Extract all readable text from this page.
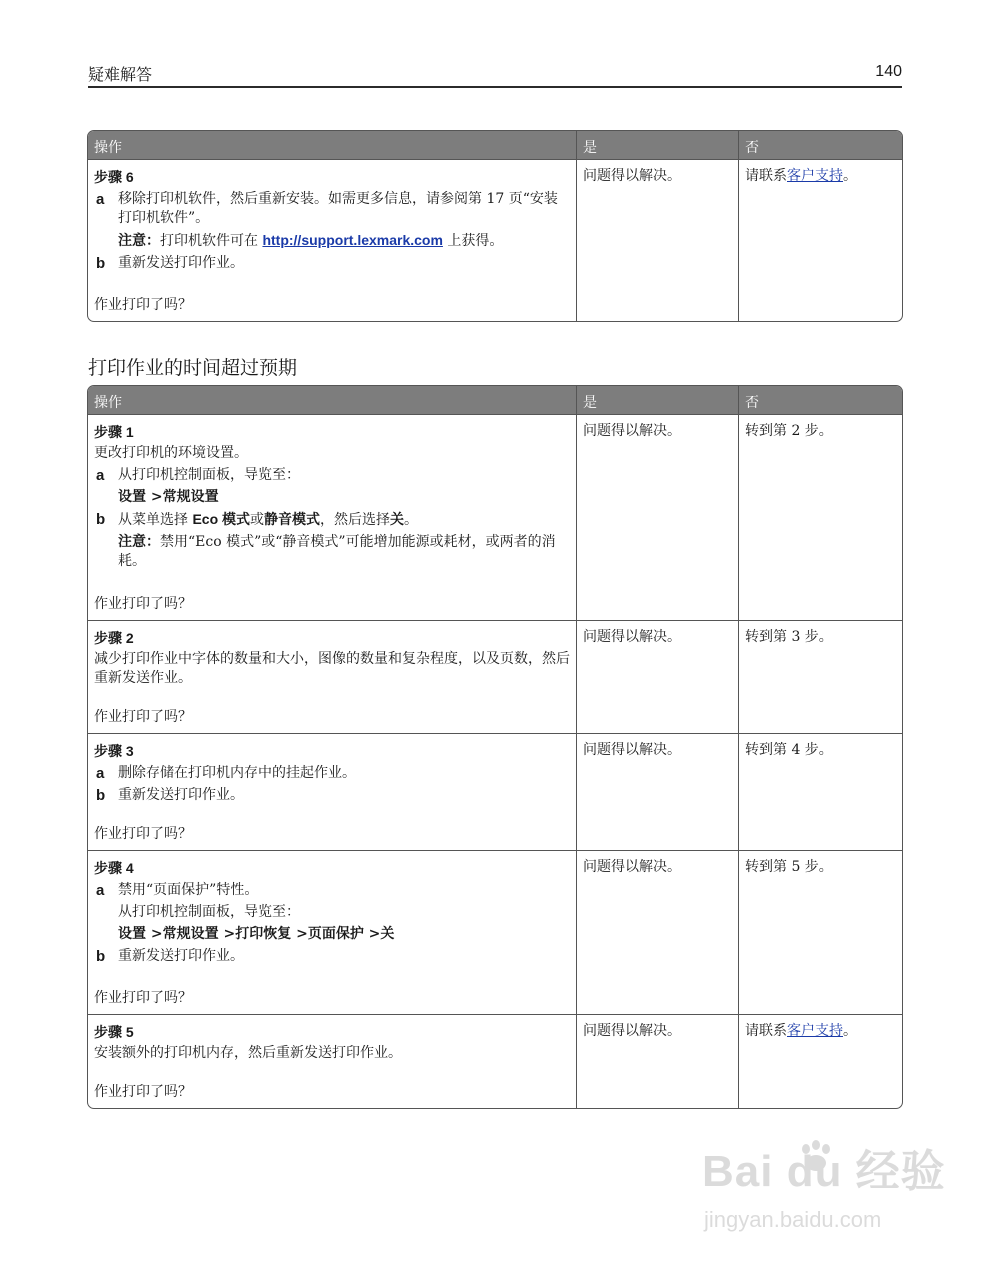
疑难解答	140
操作	是	否
步骤 6
a 移除打印机软件，然后重新安装。如需更多信息，请参阅第 17 页“安装打印机软件”。
注意：打印机软件可在 http://support.lexmark.com 上获得。
b 重新发送打印作业。
作业打印了吗？
问题得以解决。	请联系客户支持。
打印作业的时间超过预期
操作	是	否
步骤 1
更改打印机的环境设置。
a 从打印机控制面板，导览至：
设置 >常规设置
b 从菜单选择 Eco 模式或静音模式，然后选择关。
注意：禁用“Eco 模式”或“静音模式”可能增加能源或耗材，或两者的消耗。
作业打印了吗？
问题得以解决。	转到第 2 步。
步骤 2
减少打印作业中字体的数量和大小，图像的数量和复杂程度，以及页数，然后重新发送作业。
作业打印了吗？
问题得以解决。	转到第 3 步。
步骤 3
a 删除存储在打印机内存中的挂起作业。
b 重新发送打印作业。
作业打印了吗？
问题得以解决。	转到第 4 步。
步骤 4
a 禁用“页面保护”特性。
从打印机控制面板，导览至：
设置 >常规设置 >打印恢复 >页面保护 >关
b 重新发送打印作业。
作业打印了吗？
问题得以解决。	转到第 5 步。
步骤 5
安装额外的打印机内存，然后重新发送打印作业。
作业打印了吗？
问题得以解决。	请联系客户支持。
Bai du 经验
jingyan.baidu.com
